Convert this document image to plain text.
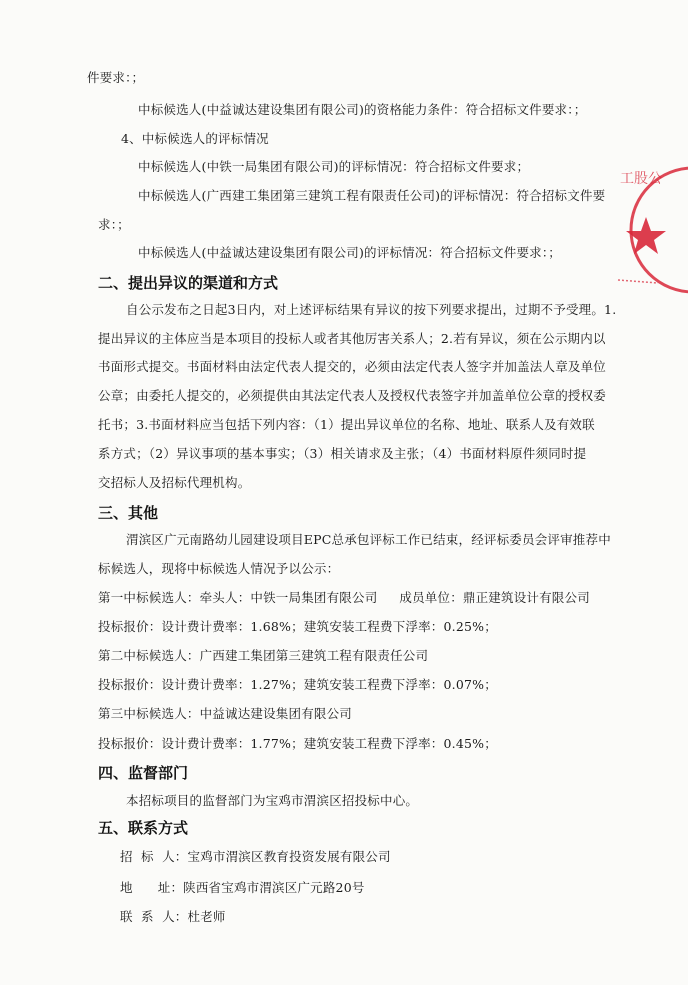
件要求：；
中标候选人(中益诚达建设集团有限公司)的资格能力条件：符合招标文件要求：；
4、中标候选人的评标情况
中标候选人(中铁一局集团有限公司)的评标情况：符合招标文件要求；
中标候选人(广西建工集团第三建筑工程有限责任公司)的评标情况：符合招标文件要
求：；
中标候选人(中益诚达建设集团有限公司)的评标情况：符合招标文件要求：；
二、提出异议的渠道和方式
自公示发布之日起3日内，对上述评标结果有异议的按下列要求提出，过期不予受理。1.
提出异议的主体应当是本项目的投标人或者其他厉害关系人；2.若有异议，须在公示期内以
书面形式提交。书面材料由法定代表人提交的，必须由法定代表人签字并加盖法人章及单位
公章；由委托人提交的，必须提供由其法定代表人及授权代表签字并加盖单位公章的授权委
托书；3.书面材料应当包括下列内容：（1）提出异议单位的名称、地址、联系人及有效联
系方式；（2）异议事项的基本事实；（3）相关请求及主张；（4）书面材料原件须同时提
交招标人及招标代理机构。
三、其他
渭滨区广元南路幼儿园建设项目EPC总承包评标工作已结束，经评标委员会评审推荐中
标候选人，现将中标候选人情况予以公示：
第一中标候选人：牵头人：中铁一局集团有限公司 成员单位：鼎正建筑设计有限公司
投标报价：设计费计费率：1.68%；建筑安装工程费下浮率：0.25%；
第二中标候选人：广西建工集团第三建筑工程有限责任公司
投标报价：设计费计费率：1.27%；建筑安装工程费下浮率：0.07%；
第三中标候选人：中益诚达建设集团有限公司
投标报价：设计费计费率：1.77%；建筑安装工程费下浮率：0.45%；
四、监督部门
本招标项目的监督部门为宝鸡市渭滨区招投标中心。
五、联系方式
招  标  人：宝鸡市渭滨区教育投资发展有限公司
地      址：陕西省宝鸡市渭滨区广元路20号
联  系  人：杜老师
工股公
